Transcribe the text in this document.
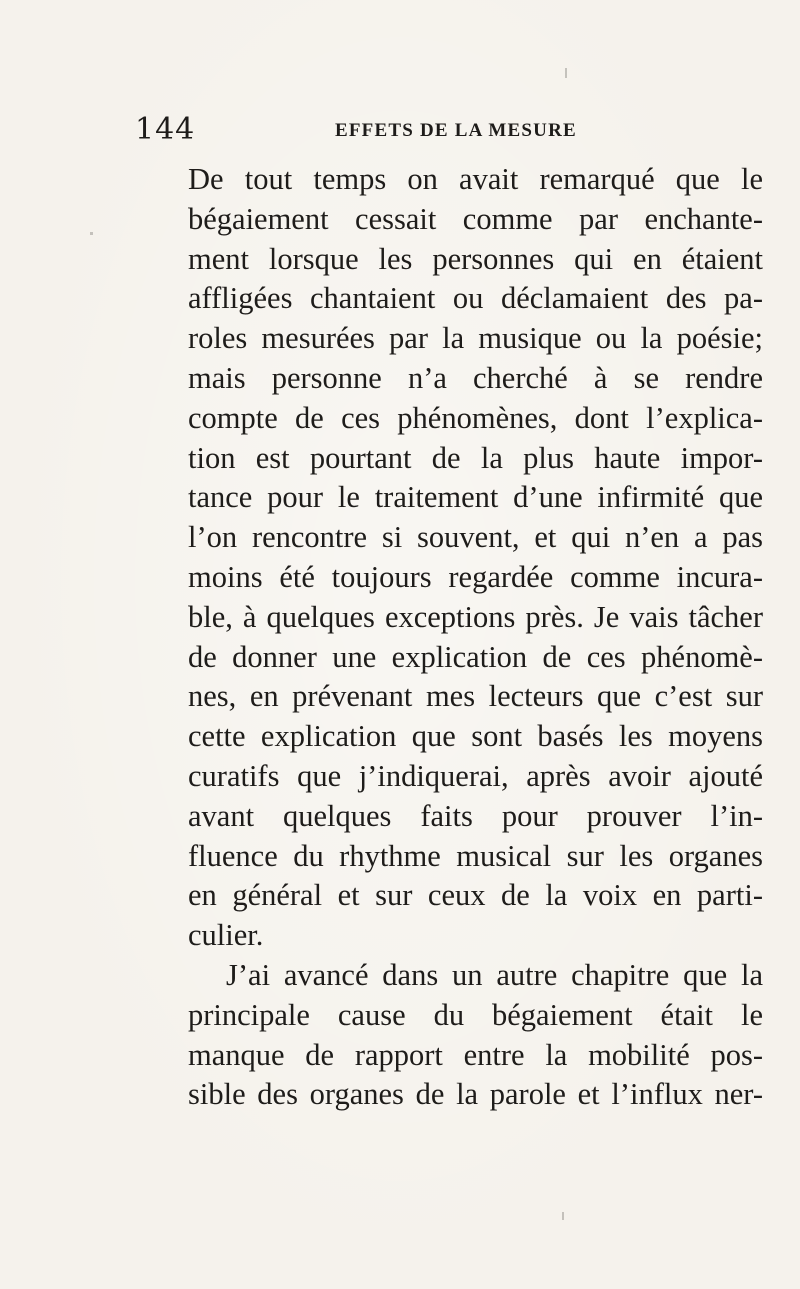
144	EFFETS DE LA MESURE
De tout temps on avait remarqué que le
bégaiement cessait comme par enchante-
ment lorsque les personnes qui en étaient
affligées chantaient ou déclamaient des pa-
roles mesurées par la musique ou la poésie;
mais personne n’a cherché à se rendre
compte de ces phénomènes, dont l’explica-
tion est pourtant de la plus haute impor-
tance pour le traitement d’une infirmité que
l’on rencontre si souvent, et qui n’en a pas
moins été toujours regardée comme incura-
ble, à quelques exceptions près. Je vais tâcher
de donner une explication de ces phénomè-
nes, en prévenant mes lecteurs que c’est sur
cette explication que sont basés les moyens
curatifs que j’indiquerai, après avoir ajouté
avant quelques faits pour prouver l’in-
fluence du rhythme musical sur les organes
en général et sur ceux de la voix en parti-
culier.
J’ai avancé dans un autre chapitre que la
principale cause du bégaiement était le
manque de rapport entre la mobilité pos-
sible des organes de la parole et l’influx ner-
